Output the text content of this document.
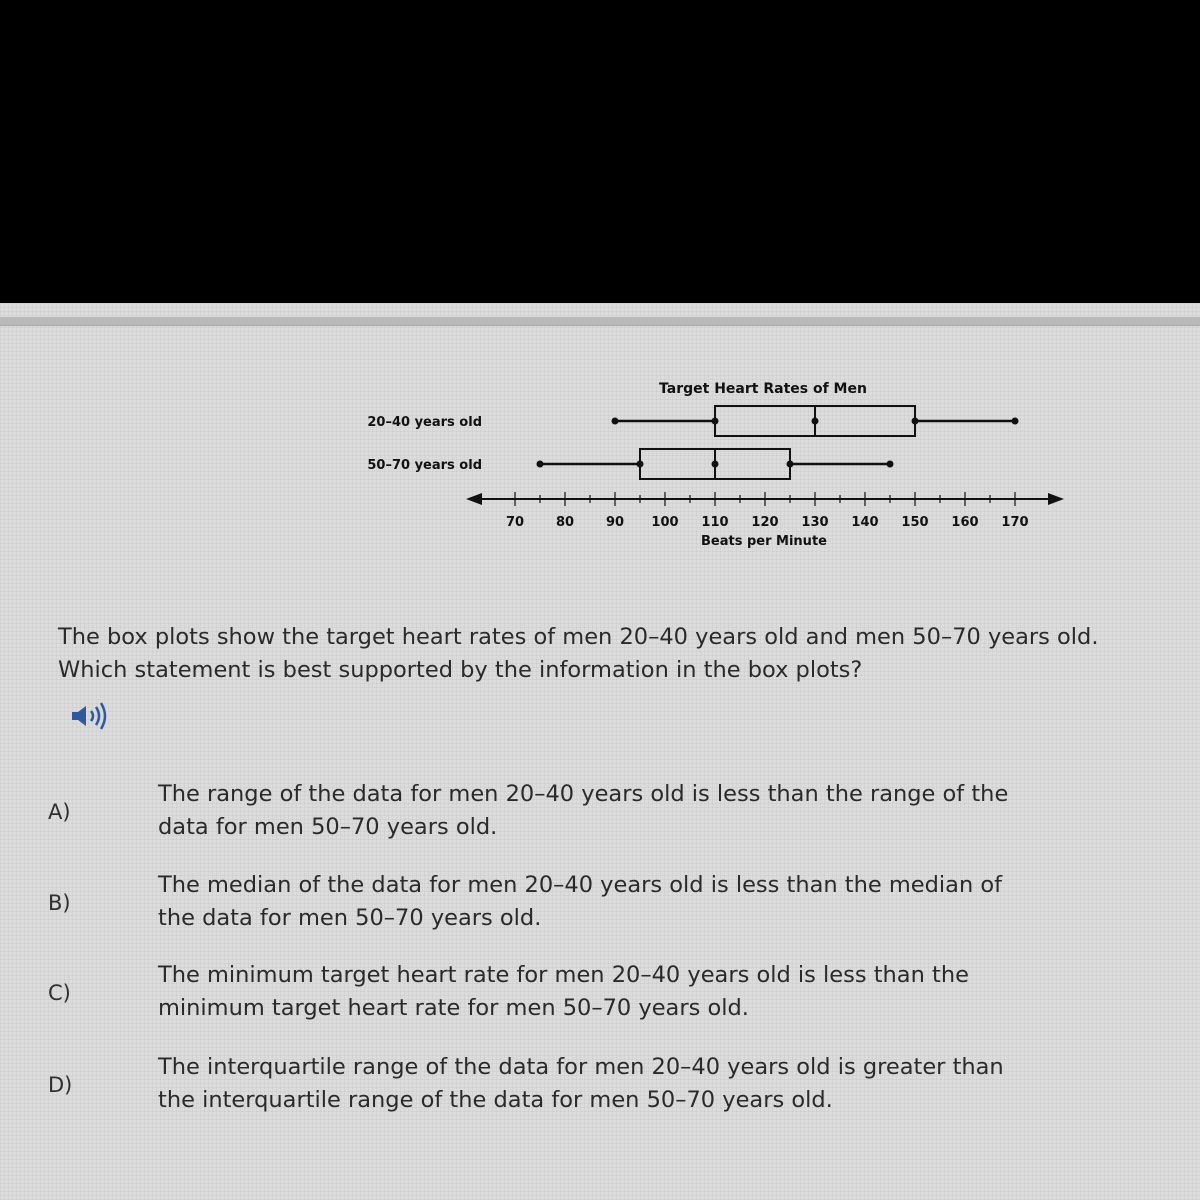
Target Heart Rates of Men
20–40 years old
50–70 years old
70 80 90 100 110 120 130 140 150 160 170
Beats per Minute
The box plots show the target heart rates of men 20–40 years old and men 50–70 years old.
Which statement is best supported by the information in the box plots?
A)
The range of the data for men 20–40 years old is less than the range of the
data for men 50–70 years old.
B)
The median of the data for men 20–40 years old is less than the median of
the data for men 50–70 years old.
C)
The minimum target heart rate for men 20–40 years old is less than the
minimum target heart rate for men 50–70 years old.
D)
The interquartile range of the data for men 20–40 years old is greater than
the interquartile range of the data for men 50–70 years old.
